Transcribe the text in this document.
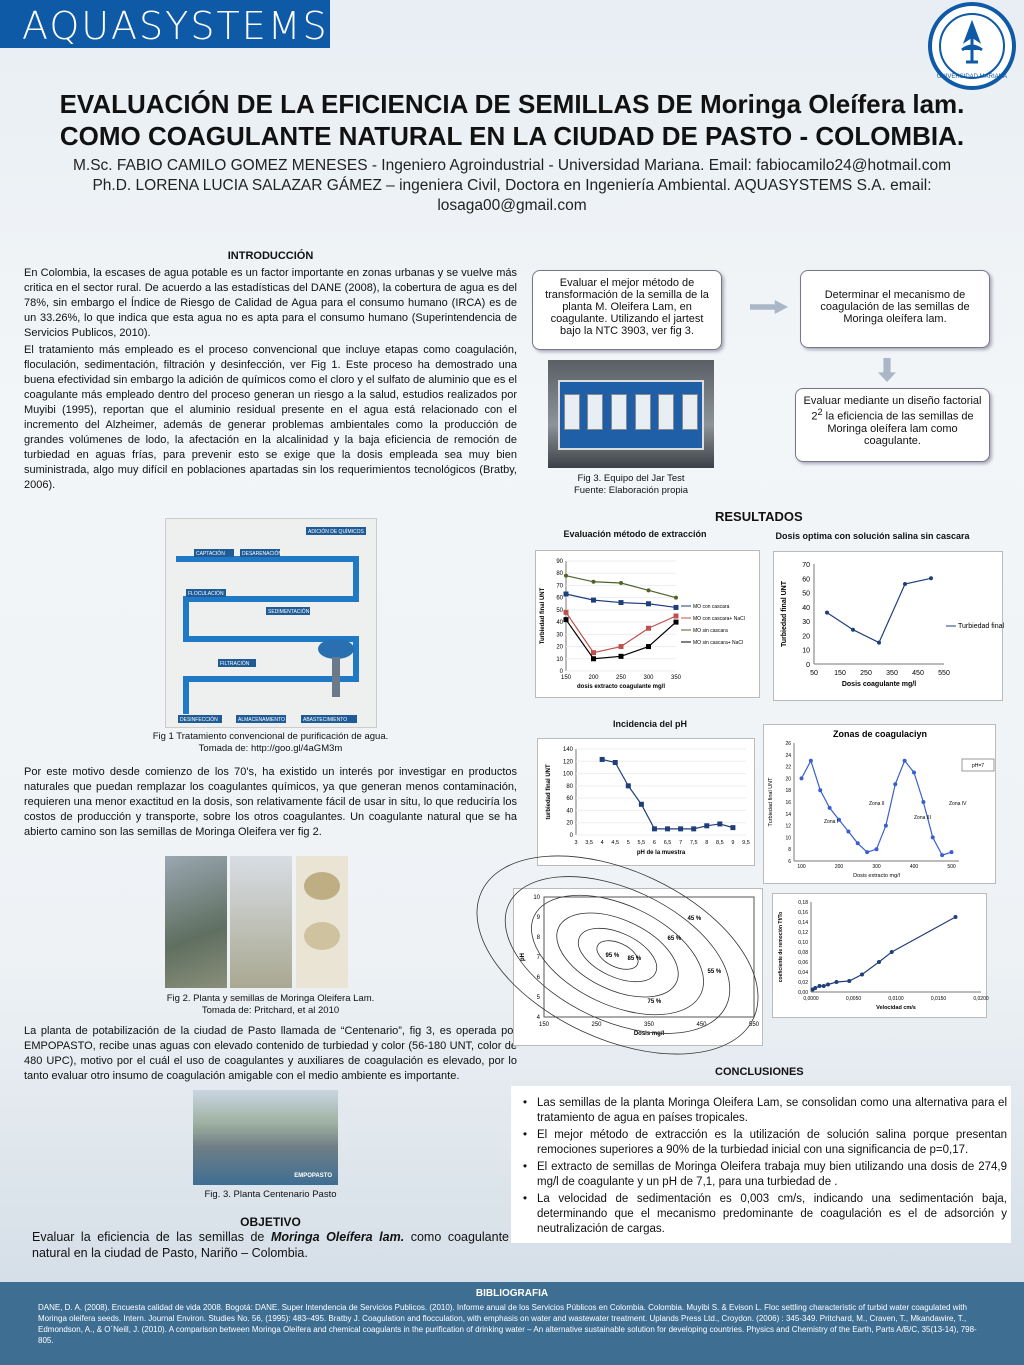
AQUASYSTEMS
UNIVERSIDAD MARIANA
EVALUACIÓN DE LA EFICIENCIA DE SEMILLAS DE Moringa Oleífera lam. COMO COAGULANTE NATURAL EN LA CIUDAD DE PASTO - COLOMBIA.
M.Sc. FABIO CAMILO GOMEZ MENESES - Ingeniero Agroindustrial - Universidad Mariana. Email: fabiocamilo24@hotmail.com
Ph.D. LORENA LUCIA SALAZAR GÁMEZ – ingeniera Civil, Doctora en Ingeniería Ambiental. AQUASYSTEMS S.A. email: losaga00@gmail.com
INTRODUCCIÓN

En Colombia, la escases de agua potable es un factor importante en zonas urbanas y se vuelve más critica en el sector rural. De acuerdo a las estadísticas del DANE (2008), la cobertura de agua es del 78%, sin embargo el Índice de Riesgo de Calidad de Agua para el consumo humano (IRCA) es de un 33.26%, lo que indica que esta agua no es apta para el consumo humano (Superintendencia de Servicios Publicos, 2010).

El tratamiento más empleado es el proceso convencional que incluye etapas como coagulación, floculación, sedimentación, filtración y desinfección, ver Fig 1. Este proceso ha demostrado una buena efectividad sin embargo la adición de químicos como el cloro y el sulfato de aluminio que es el coagulante más empleado dentro del proceso generan un riesgo a la salud, estudios realizados por Muyibi (1995), reportan que el aluminio residual presente en el agua está relacionado con el incremento del Alzheimer, además de generar problemas ambientales como la producción de grandes volúmenes de lodo, la afectación en la alcalinidad y la baja eficiencia de remoción de turbiedad en aguas frías, para prevenir esto se exige que la dosis empleada sea muy bien suministrada, algo muy difícil en poblaciones apartadas sin los requerimientos tecnológicos (Bratby, 2006).

CAPTACIÓN	DESARENACIÓN
ADICIÓN DE QUÍMICOS
FLOCULACIÓN
SEDIMENTACIÓN
FILTRACIÓN
DESINFECCIÓN	ALMACENAMIENTO	ABASTECIMIENTO
Fig 1 Tratamiento convencional de purificación de agua.
Tomada de: http://goo.gl/4aGM3m

Por este motivo desde comienzo de los 70's, ha existido un interés por investigar en productos naturales que puedan remplazar los coagulantes químicos, ya que generan menos contaminación, requieren una menor exactitud en la dosis, son relativamente fácil de usar in situ, lo que reduciría los costos de producción y transporte, sobre los otros coagulantes. Un coagulante natural que se ha abierto camino son las semillas de Moringa Oleifera ver fig 2.

Fig 2. Planta y semillas de Moringa Oleifera Lam.
Tomada de: Pritchard, et al 2010

La planta de potabilización de la ciudad de Pasto llamada de “Centenario”, fig 3, es operada por EMPOPASTO, recibe unas aguas con elevado contenido de turbiedad y color (56-180 UNT, color de 480 UPC), motivo por el cuál el uso de coagulantes y auxiliares de coagulación es elevado, por lo tanto evaluar otro insumo de coagulación amigable con el medio ambiente es importante.

EMPOPASTO
Fig. 3. Planta Centenario Pasto
OBJETIVO

Evaluar la eficiencia de las semillas de Moringa Oleífera lam. como coagulante natural en la ciudad de Pasto, Nariño – Colombia.

Evaluar el mejor método de transformación de la semilla de la planta M. Oleifera Lam, en coagulante. Utilizando el jartest bajo la NTC 3903, ver fig 3.
Determinar el mecanismo de coagulación de las semillas de Moringa oleífera lam.
Evaluar mediante un diseño factorial $2^2$ la eficiencia de las semillas de Moringa oleífera lam como coagulante.
Fig 3. Equipo del Jar Test
Fuente: Elaboración propia
RESULTADOS
Evaluación método de extracción
0
10
20
30
40
50
60
70
80
90
150	200	250	300	350
dosis extracto coagulante mg/l
Turbiedad final UNT	MO con cascara
MO con cascara+ NaCl
MO sin cascara
MO sin cascara+ NaCl
Dosis optima con solución salina sin cascara
0
10
20
30
40
50
60
70
50 150 250 350 450 550
Dosis coagulante mg/l
Turbiedad final UNT	Turbiedad final
Incidencia del pH
0
20
40
60
80
100
120
140
3 3,5 4 4,5 5 5,5 6 6,5 7 7,5 8 8,5 9 9,5
pH de la muestra
turbiedad final UNT
Zonas de coagulaciyn
6
8
10
12
14
16
18
20
22
24
26
100	200	300	400	500
Dosis extracto mg/l
Turbiedad final UNT	Zona I
Zona II
Zona III
Zona IV
pH=7
4
5
6
7
8
9
10
150	250	350	450	550
Dosis mg/l
pH	95 % 85 %
75 %
65 %
55 %
45 %
0,00
0,02
0,04
0,06
0,08
0,10
0,12
0,14
0,16
0,18
0,0000	0,0050	0,0100	0,0150	0,0200
Velocidad cm/s
coeficiente de remoción Tf/To
CONCLUSIONES
• Las semillas de la planta Moringa Oleifera Lam, se consolidan como una alternativa para el tratamiento de agua en países tropicales.
• El mejor método de extracción es la utilización de solución salina porque presentan remociones superiores a 90% de la turbiedad inicial con una significancia de p=0,17.
• El extracto de semillas de Moringa Oleifera trabaja muy bien utilizando una dosis de 274,9 mg/l de coagulante y un pH de 7,1, para una turbiedad de .
• La velocidad de sedimentación es 0,003 cm/s, indicando una sedimentación baja, determinando que el mecanismo predominante de coagulación es el de adsorción y neutralización de cargas.
BIBLIOGRAFIA
DANE, D. A. (2008). Encuesta calidad de vida 2008. Bogotá: DANE. Super Intendencia de Servicios Publicos. (2010). Informe anual de los Servicios Públicos en Colombia. Colombia. Muyibi S. & Evison L. Floc settling characteristic of turbid water coagulated with Moringa oleifera seeds. Intern. Journal Environ. Studies No. 56, (1995): 483–495. Bratby J. Coagulation and flocculation, with emphasis on water and wastewater treatment. Uplands Press Ltd., Croydon. (2006) : 345-349. Pritchard, M., Craven, T., Mkandawire, T., Edmondson, A., & O´Neill, J. (2010). A comparison between Moringa Oleifera and chemical coagulants in the purification of drinking water – An alternative sustainable solution for developing countries. Physics and Chemistry of the Earth, Parts A/B/C, 35(13-14), 798-805.
